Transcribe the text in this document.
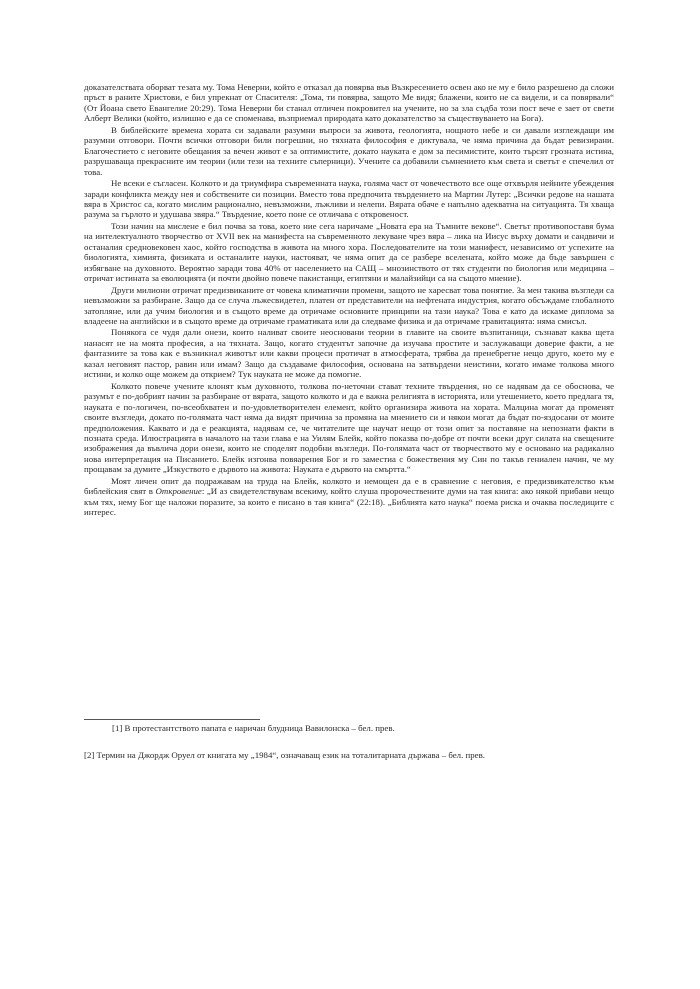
доказателствата оборват тезата му. Тома Неверни, който е отказал да повярва във Възкресението освен ако не му е било разрешено да сложи пръст в раните Христови, е бил упрекнат от Спасителя: „Тома, ти повярва, защото Ме видя; блажени, които не са видели, и са повярвали“ (От Йоана свето Евангелие 20:29). Тома Неверни би станал отличен покровител на учените, но за зла съдба този пост вече е зает от свети Алберт Велики (който, излишно е да се споменава, възприемал природата като доказателство за съществуването на Бога).

В библейските времена хората си задавали разумни въпроси за живота, геологията, нощното небе и си давали изглеждащи им разумни отговори. Почти всички отговори били погрешни, но тяхната философия е диктувала, че няма причина да бъдат ревизирани. Благочестието с неговите обещания за вечен живот е за оптимистите, докато науката е дом за песимистите, които търсят грозната истина, разрушаваща прекрасните им теории (или тези на техните съперници). Учените са добавили съмнението към света и светът е спечелил от това.

Не всеки е съгласен. Колкото и да триумфира съвременната наука, голяма част от човечеството все още отхвърля нейните убеждения заради конфликта между нея и собствените си позиции. Вместо това предпочита твърдението на Мартин Лутер: „Всички редове на нашата вяра в Христос са, когато мислим рационално, невъзможни, лъжливи и нелепи. Вярата обаче е напълно адекватна на ситуацията. Тя хваща разума за гърлото и удушава звяра.“ Твърдение, което поне се отличава с откровеност.

Този начин на мислене е бил почва за това, което ние сега наричаме „Новата ера на Тъмните векове“. Светът противопоставя бума на интелектуалното творчество от XVII век на манифеста на съвременното лекуване чрез вяра – лика на Иисус върху домати и сандвичи и останалия средновековен хаос, който господства в живота на много хора. Последователите на този манифест, независимо от успехите на биологията, химията, физиката и останалите науки, настояват, че няма опит да се разбере вселената, който може да бъде завършен с избягване на духовното. Вероятно заради това 40% от населението на САЩ – мнозинството от тях студенти по биология или медицина – отричат истината за еволюцията (и почти двойно повече пакистанци, египтяни и малайзийци са на същото мнение).

Други милиони отричат предизвиканите от човека климатични промени, защото не харесват това понятие. За мен такива възгледи са невъзможни за разбиране. Защо да се случа лъжесвидетел, платен от представители на нефтената индустрия, когато обсъждаме глобалното затопляне, или да учим биология и в същото време да отричаме основните принципи на тази наука? Това е като да искаме диплома за владеене на английски и в същото време да отричаме граматиката или да следваме физика и да отричаме гравитацията: няма смисъл.

Понякога се чудя дали онези, които наливат своите неосновани теории в главите на своите възпитаници, съзнават каква щета нанасят не на моята професия, а на тяхната. Защо, когато студентът започне да изучава простите и заслужаващи доверие факти, а не фантазиите за това как е възникнал животът или какви процеси протичат в атмосферата, трябва да пренебрегне нещо друго, което му е казал неговият пастор, равин или имам? Защо да създаваме философия, основана на затвърдени неистини, когато имаме толкова много истини, и колко още можем да открием? Тук науката не може да помогне.

Колкото повече учените клонят към духовното, толкова по-неточни стават техните твърдения, но се надявам да се обосновa, че разумът е по-добрият начин за разбиране от вярата, защото колкото и да е важна религията в историята, или утешението, което предлага тя, науката е по-логичен, по-всеобхватен и по-удовлетворителен елемент, който организира живота на хората. Малцина могат да променят своите възгледи, докато по-голямата част няма да видят причина за промяна на мнението си и някои могат да бъдат по-яздосани от моите предположения. Каквато и да е реакцията, надявам се, че читателите ще научат нещо от този опит за поставяне на непознати факти в позната среда. Илюстрацията в началото на тази глава е на Уилям Блейк, който показва по-добре от почти всеки друг силата на свещените изображения да въвлича дори онези, които не споделят подобни възгледи. По-голямата част от творчеството му е основано на радикално нова интерпретация на Писанието. Блейк изгонва повяарения Бог и го заместиа с божествения му Син по такъв гениален начин, че му прощавам за думите „Изкуството е дървото на живота: Науката е дървото на смъртта.“

Моят личен опит да подражавам на труда на Блейк, колкото и немощен да е в сравнение с неговия, е предизвикателство към библейския свят в Откровение: „И аз свидетелствувам всекиму, който слуша пророчествените думи на тая книга: ако някой прибави нещо към тях, нему Бог ще наложи поразите, за които е писано в тая книга“ (22:18). „Библията като наука“ поема риска и очаква последиците с интерес.

[1] В протестантството папата е наричан блудница Вавилонска – бел. прев.
[2] Термин на Джордж Оруел от книгата му „1984“, означаващ език на тоталитарната държава – бел. прев.
